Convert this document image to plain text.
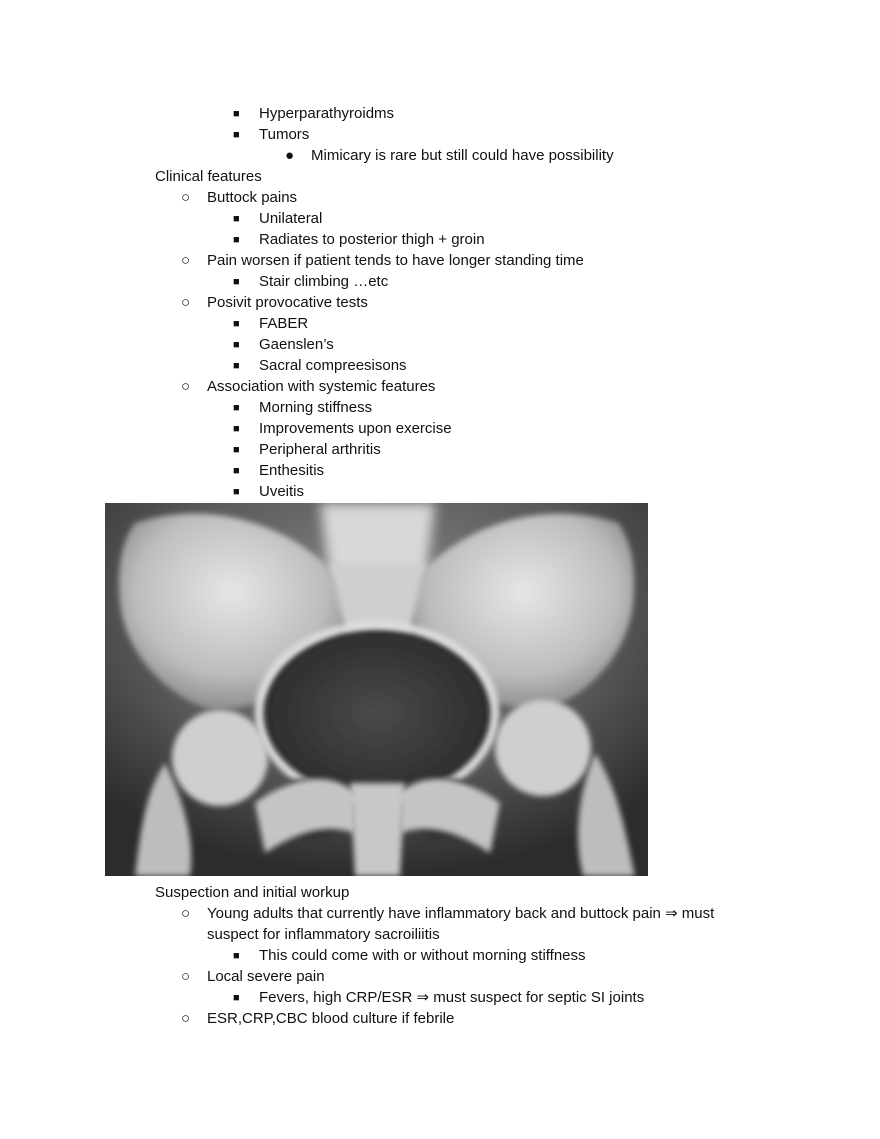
■	Hyperparathyroidms
■	Tumors
●	Mimicary is rare but still could have possibility
Clinical features
○	Buttock pains
■	Unilateral
■	Radiates to posterior thigh + groin
○	Pain worsen if patient tends to have longer standing time
■	Stair climbing …etc
○	Posivit provocative tests
■	FABER
■	Gaenslen’s
■	Sacral compreesisons
○	Association with systemic features
■	Morning stiffness
■	Improvements upon exercise
■	Peripheral arthritis
■	Enthesitis
■	Uveitis
Suspection and initial workup
○	Young adults that currently have inflammatory back and buttock pain ⇒ must
suspect for inflammatory sacroiliitis
■	This could come with or without morning stiffness
○	Local severe pain
■	Fevers, high CRP/ESR ⇒ must suspect for septic SI joints
○	ESR,CRP,CBC blood culture if febrile
